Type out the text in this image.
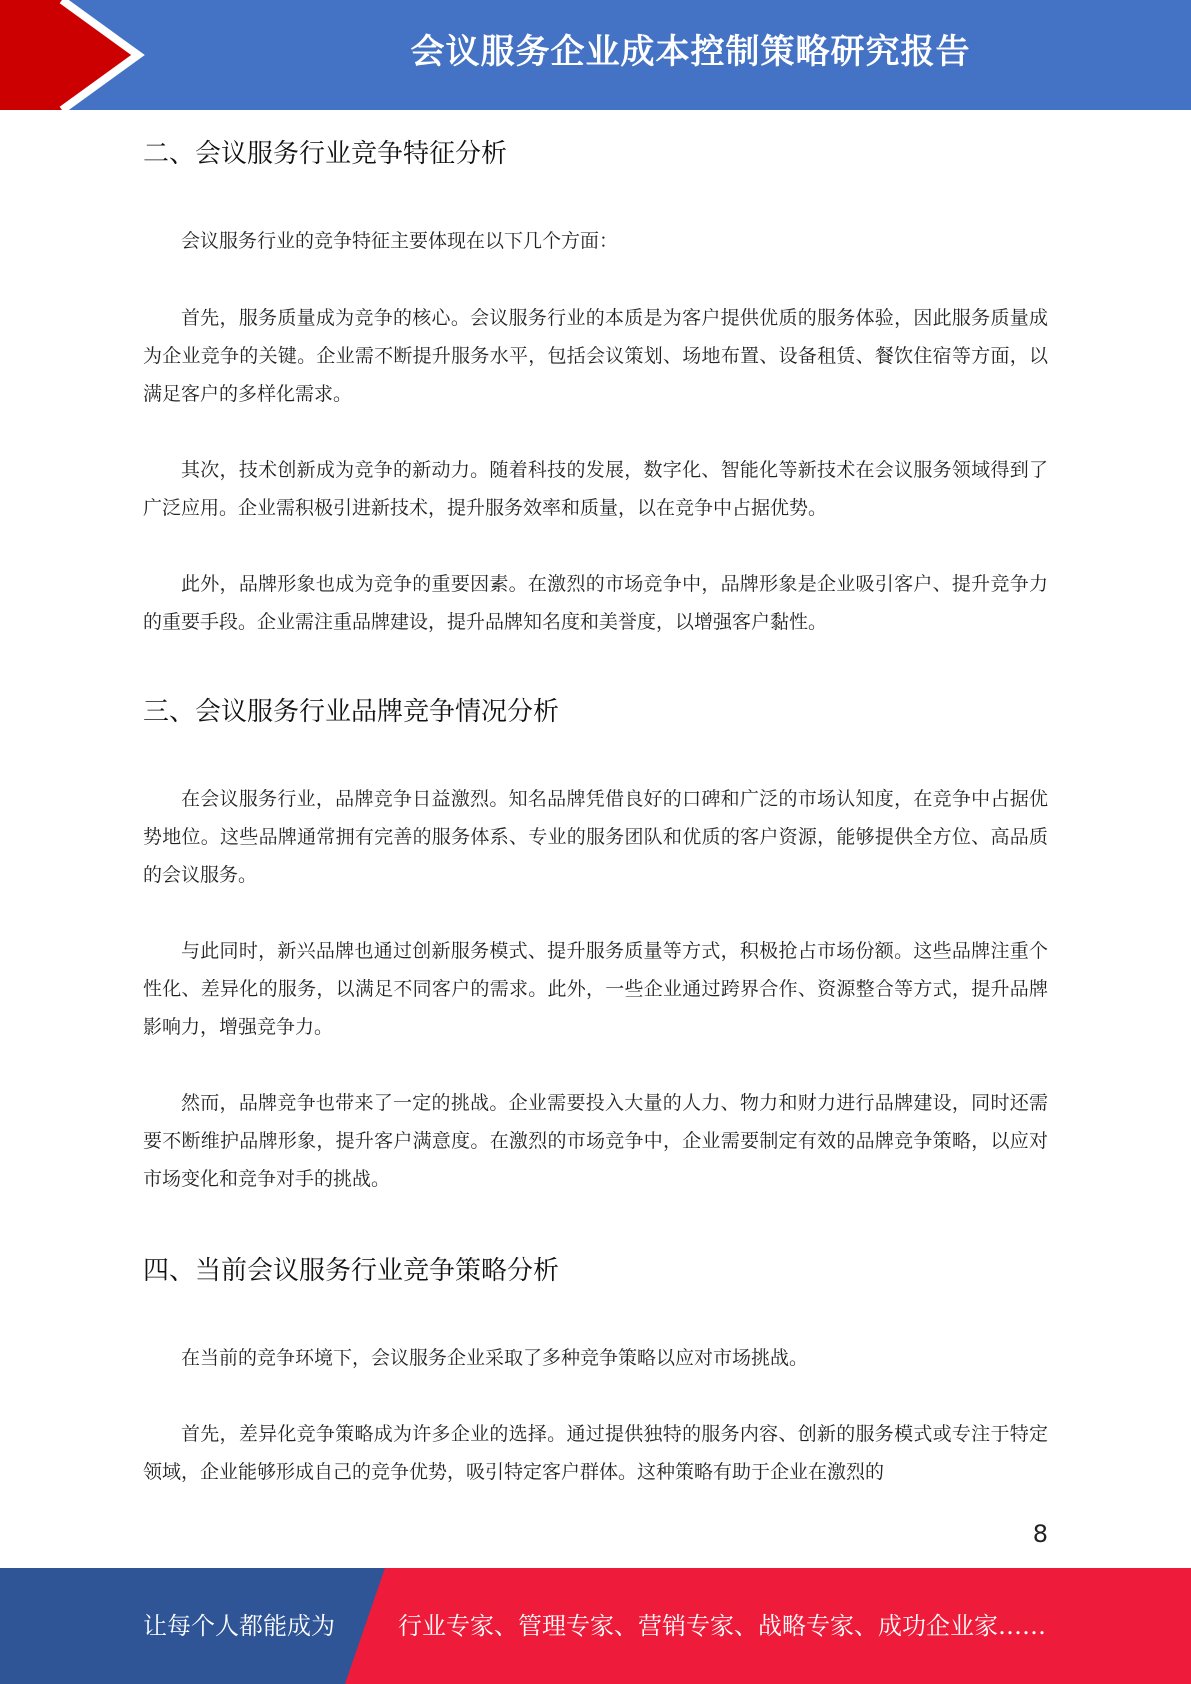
会议服务企业成本控制策略研究报告
二、会议服务行业竞争特征分析

会议服务行业的竞争特征主要体现在以下几个方面：

首先，服务质量成为竞争的核心。会议服务行业的本质是为客户提供优质的服务体验，因此服务质量成为企业竞争的关键。企业需不断提升服务水平，包括会议策划、场地布置、设备租赁、餐饮住宿等方面，以满足客户的多样化需求。

其次，技术创新成为竞争的新动力。随着科技的发展，数字化、智能化等新技术在会议服务领域得到了广泛应用。企业需积极引进新技术，提升服务效率和质量，以在竞争中占据优势。

此外，品牌形象也成为竞争的重要因素。在激烈的市场竞争中，品牌形象是企业吸引客户、提升竞争力的重要手段。企业需注重品牌建设，提升品牌知名度和美誉度，以增强客户黏性。

三、会议服务行业品牌竞争情况分析

在会议服务行业，品牌竞争日益激烈。知名品牌凭借良好的口碑和广泛的市场认知度，在竞争中占据优势地位。这些品牌通常拥有完善的服务体系、专业的服务团队和优质的客户资源，能够提供全方位、高品质的会议服务。

与此同时，新兴品牌也通过创新服务模式、提升服务质量等方式，积极抢占市场份额。这些品牌注重个性化、差异化的服务，以满足不同客户的需求。此外，一些企业通过跨界合作、资源整合等方式，提升品牌影响力，增强竞争力。

然而，品牌竞争也带来了一定的挑战。企业需要投入大量的人力、物力和财力进行品牌建设，同时还需要不断维护品牌形象，提升客户满意度。在激烈的市场竞争中，企业需要制定有效的品牌竞争策略，以应对市场变化和竞争对手的挑战。

四、当前会议服务行业竞争策略分析

在当前的竞争环境下，会议服务企业采取了多种竞争策略以应对市场挑战。

首先，差异化竞争策略成为许多企业的选择。通过提供独特的服务内容、创新的服务模式或专注于特定领域，企业能够形成自己的竞争优势，吸引特定客户群体。这种策略有助于企业在激烈的

8
让每个人都能成为	行业专家、管理专家、营销专家、战略专家、成功企业家……
